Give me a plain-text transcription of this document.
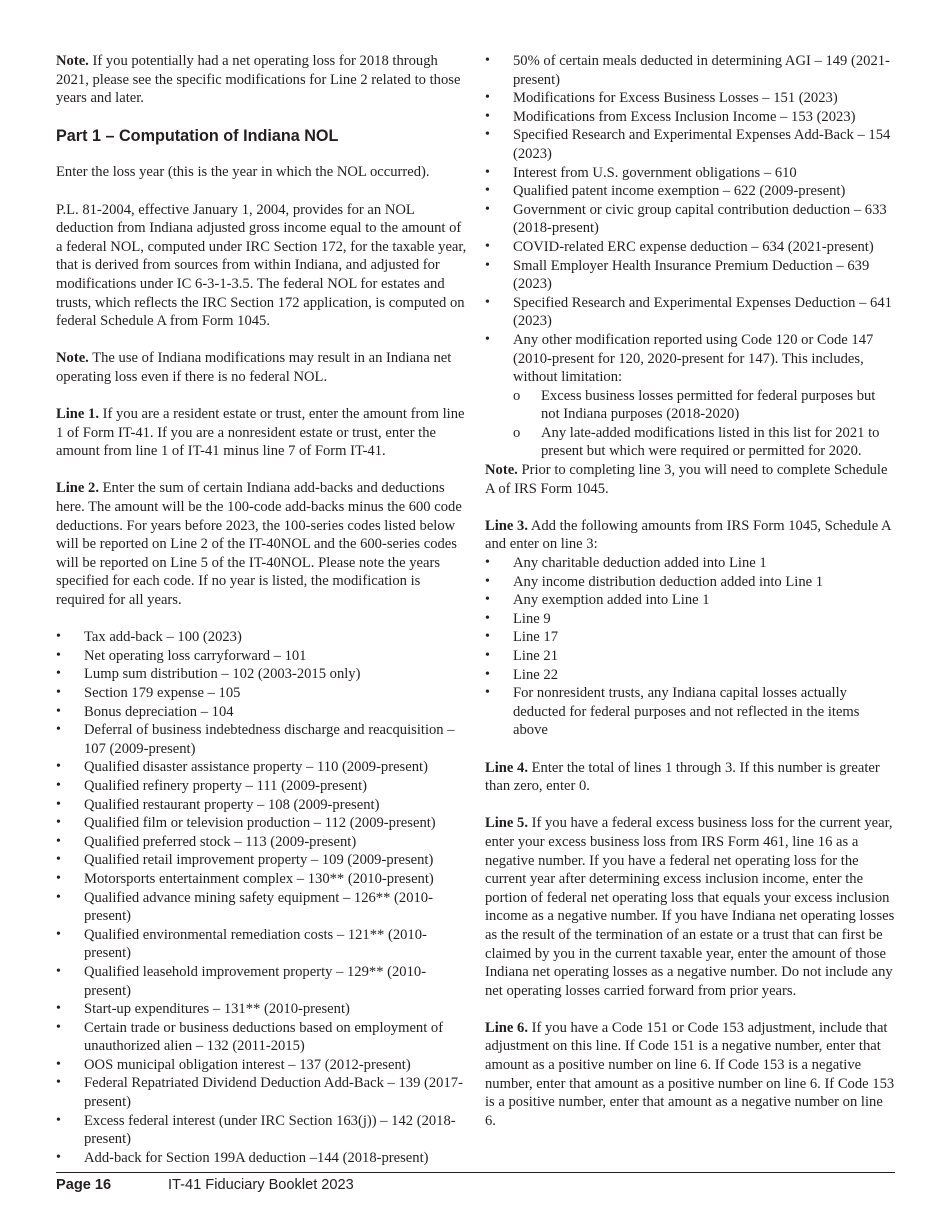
Note. If you potentially had a net operating loss for 2018 through 2021, please see the specific modifications for Line 2 related to those years and later.

Part 1 – Computation of Indiana NOL

Enter the loss year (this is the year in which the NOL occurred).

P.L. 81-2004, effective January 1, 2004, provides for an NOL deduction from Indiana adjusted gross income equal to the amount of a federal NOL, computed under IRC Section 172, for the taxable year, that is derived from sources from within Indiana, and adjusted for modifications under IC 6-3-1-3.5. The federal NOL for estates and trusts, which reflects the IRC Section 172 application, is computed on federal Schedule A from Form 1045.

Note. The use of Indiana modifications may result in an Indiana net operating loss even if there is no federal NOL.

Line 1. If you are a resident estate or trust, enter the amount from line 1 of Form IT-41. If you are a nonresident estate or trust, enter the amount from line 1 of IT-41 minus line 7 of Form IT-41.

Line 2. Enter the sum of certain Indiana add-backs and deductions here. The amount will be the 100-code add-backs minus the 600 code deductions. For years before 2023, the 100-series codes listed below will be reported on Line 2 of the IT-40NOL and the 600-series codes will be reported on Line 5 of the IT-40NOL. Please note the years specified for each code. If no year is listed, the modification is required for all years.

• Tax add-back – 100 (2023)
• Net operating loss carryforward – 101
• Lump sum distribution – 102 (2003-2015 only)
• Section 179 expense – 105
• Bonus depreciation – 104
• Deferral of business indebtedness discharge and reacquisition – 107 (2009-present)
• Qualified disaster assistance property – 110 (2009-present)
• Qualified refinery property – 111 (2009-present)
• Qualified restaurant property – 108 (2009-present)
• Qualified film or television production – 112 (2009-present)
• Qualified preferred stock – 113 (2009-present)
• Qualified retail improvement property – 109 (2009-present)
• Motorsports entertainment complex – 130** (2010-present)
• Qualified advance mining safety equipment – 126** (2010-present)
• Qualified environmental remediation costs – 121** (2010-present)
• Qualified leasehold improvement property – 129** (2010-present)
• Start-up expenditures – 131** (2010-present)
• Certain trade or business deductions based on employment of unauthorized alien – 132 (2011-2015)
• OOS municipal obligation interest – 137 (2012-present)
• Federal Repatriated Dividend Deduction Add-Back – 139 (2017-present)
• Excess federal interest (under IRC Section 163(j)) – 142 (2018-present)
• Add-back for Section 199A deduction –144 (2018-present)
• 50% of certain meals deducted in determining AGI – 149 (2021-present)
• Modifications for Excess Business Losses – 151 (2023)
• Modifications from Excess Inclusion Income – 153 (2023)
• Specified Research and Experimental Expenses Add-Back – 154 (2023)
• Interest from U.S. government obligations – 610
• Qualified patent income exemption – 622 (2009-present)
• Government or civic group capital contribution deduction – 633 (2018-present)
• COVID-related ERC expense deduction – 634 (2021-present)
• Small Employer Health Insurance Premium Deduction – 639 (2023)
• Specified Research and Experimental Expenses Deduction – 641 (2023)
• Any other modification reported using Code 120 or Code 147 (2010-present for 120, 2020-present for 147). This includes, without limitation:
o Excess business losses permitted for federal purposes but not Indiana purposes (2018-2020)
o Any late-added modifications listed in this list for 2021 to present but which were required or permitted for 2020.

Note. Prior to completing line 3, you will need to complete Schedule A of IRS Form 1045.

Line 3. Add the following amounts from IRS Form 1045, Schedule A and enter on line 3:

• Any charitable deduction added into Line 1
• Any income distribution deduction added into Line 1
• Any exemption added into Line 1
• Line 9
• Line 17
• Line 21
• Line 22
• For nonresident trusts, any Indiana capital losses actually deducted for federal purposes and not reflected in the items above

Line 4. Enter the total of lines 1 through 3. If this number is greater than zero, enter 0.

Line 5. If you have a federal excess business loss for the current year, enter your excess business loss from IRS Form 461, line 16 as a negative number. If you have a federal net operating loss for the current year after determining excess inclusion income, enter the portion of federal net operating loss that equals your excess inclusion income as a negative number. If you have Indiana net operating losses as the result of the termination of an estate or a trust that can first be claimed by you in the current taxable year, enter the amount of those Indiana net operating losses as a negative number. Do not include any net operating losses carried forward from prior years.

Line 6. If you have a Code 151 or Code 153 adjustment, include that adjustment on this line. If Code 151 is a negative number, enter that amount as a positive number on line 6. If Code 153 is a negative number, enter that amount as a positive number on line 6. If Code 153 is a positive number, enter that amount as a negative number on line 6.

Page 16	IT-41 Fiduciary Booklet 2023
